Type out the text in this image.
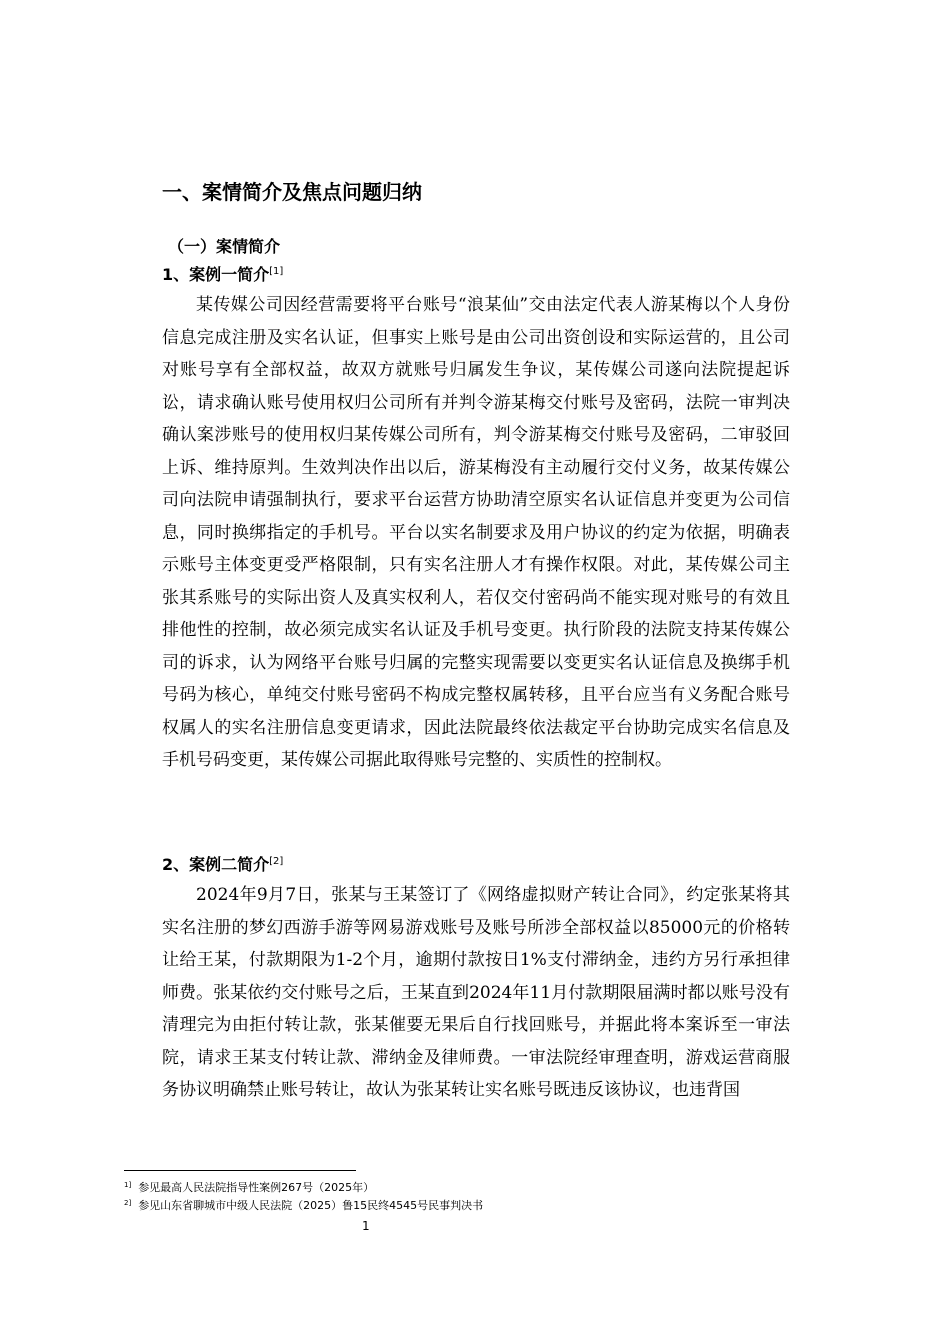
一、案情简介及焦点问题归纳
（一）案情简介
1、案例一简介[1]
某传媒公司因经营需要将平台账号“浪某仙”交由法定代表人游某梅以个人身份信息完成注册及实名认证，但事实上账号是由公司出资创设和实际运营的，且公司对账号享有全部权益，故双方就账号归属发生争议，某传媒公司遂向法院提起诉讼，请求确认账号使用权归公司所有并判令游某梅交付账号及密码，法院一审判决确认案涉账号的使用权归某传媒公司所有，判令游某梅交付账号及密码，二审驳回上诉、维持原判。生效判决作出以后，游某梅没有主动履行交付义务，故某传媒公司向法院申请强制执行，要求平台运营方协助清空原实名认证信息并变更为公司信息，同时换绑指定的手机号。平台以实名制要求及用户协议的约定为依据，明确表示账号主体变更受严格限制，只有实名注册人才有操作权限。对此，某传媒公司主张其系账号的实际出资人及真实权利人，若仅交付密码尚不能实现对账号的有效且排他性的控制，故必须完成实名认证及手机号变更。执行阶段的法院支持某传媒公司的诉求，认为网络平台账号归属的完整实现需要以变更实名认证信息及换绑手机号码为核心，单纯交付账号密码不构成完整权属转移，且平台应当有义务配合账号权属人的实名注册信息变更请求，因此法院最终依法裁定平台协助完成实名信息及手机号码变更，某传媒公司据此取得账号完整的、实质性的控制权。
2、案例二简介[2]
2024年9月7日，张某与王某签订了《网络虚拟财产转让合同》，约定张某将其实名注册的梦幻西游手游等网易游戏账号及账号所涉全部权益以85000元的价格转让给王某，付款期限为1-2个月，逾期付款按日1%支付滞纳金，违约方另行承担律师费。张某依约交付账号之后，王某直到2024年11月付款期限届满时都以账号没有清理完为由拒付转让款，张某催要无果后自行找回账号，并据此将本案诉至一审法院，请求王某支付转让款、滞纳金及律师费。一审法院经审理查明，游戏运营商服务协议明确禁止账号转让，故认为张某转让实名账号既违反该协议，也违背国
$^{1]}$ 参见最高人民法院指导性案例267号（2025年）
$^{2]}$ 参见山东省聊城市中级人民法院（2025）鲁15民终4545号民事判决书
1
